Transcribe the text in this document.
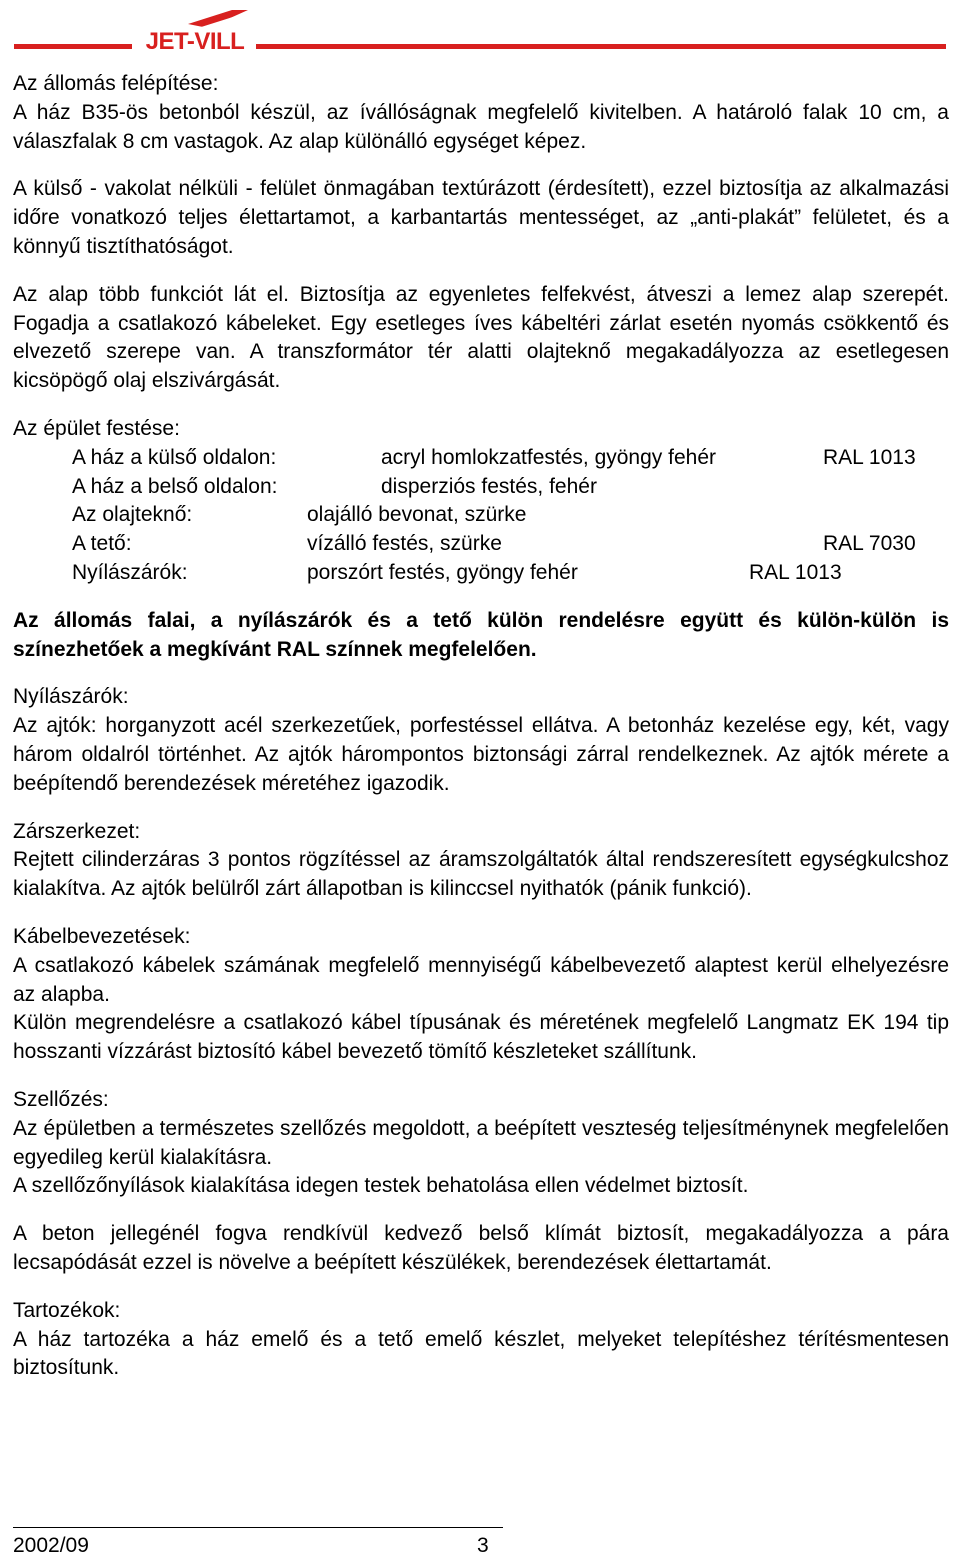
JET-VILL

Az állomás felépítése:

A ház B35-ös betonból készül, az ívállóságnak megfelelő kivitelben. A határoló falak 10 cm, a válaszfalak 8 cm vastagok. Az alap különálló egységet képez.

A külső - vakolat nélküli - felület önmagában textúrázott (érdesített), ezzel biztosítja az alkalmazási időre vonatkozó teljes élettartamot, a karbantartás mentességet, az „anti-plakát” felületet, és a könnyű tisztíthatóságot.

Az alap több funkciót lát el. Biztosítja az egyenletes felfekvést, átveszi a lemez alap szerepét. Fogadja a csatlakozó kábeleket. Egy esetleges íves kábeltéri zárlat esetén nyomás csökkentő és elvezető szerepe van. A transzformátor tér alatti olajteknő megakadályozza az esetlegesen kicsöpögő olaj elszivárgását.

Az épület festése:

A ház a külső oldalon:	acryl homlokzatfestés, gyöngy fehér	RAL 1013
A ház a belső oldalon:	disperziós festés, fehér
Az olajteknő:	olajálló bevonat, szürke
A tető:	vízálló festés, szürke	RAL 7030
Nyílászárók:	porszórt festés, gyöngy fehér	RAL 1013

Az állomás falai, a nyílászárók és a tető külön rendelésre együtt és külön-külön is színezhetőek a megkívánt RAL színnek megfelelően.

Nyílászárók:

Az ajtók: horganyzott acél szerkezetűek, porfestéssel ellátva. A betonház kezelése egy, két, vagy három oldalról történhet. Az ajtók hárompontos biztonsági zárral rendelkeznek. Az ajtók mérete a beépítendő berendezések méretéhez igazodik.

Zárszerkezet:

Rejtett cilinderzáras 3 pontos rögzítéssel az áramszolgáltatók által rendszeresített egységkulcshoz kialakítva. Az ajtók belülről zárt állapotban is kilinccsel nyithatók (pánik funkció).

Kábelbevezetések:

A csatlakozó kábelek számának megfelelő mennyiségű kábelbevezető alaptest kerül elhelyezésre az alapba.

Külön megrendelésre a csatlakozó kábel típusának és méretének megfelelő Langmatz EK 194 tip hosszanti vízzárást biztosító kábel bevezető tömítő készleteket szállítunk.

Szellőzés:

Az épületben a természetes szellőzés megoldott, a beépített veszteség teljesítménynek megfelelően egyedileg kerül kialakításra.

A szellőzőnyílások kialakítása idegen testek behatolása ellen védelmet biztosít.

A beton jellegénél fogva rendkívül kedvező belső klímát biztosít, megakadályozza a pára lecsapódását ezzel is növelve a beépített készülékek, berendezések élettartamát.

Tartozékok:

A ház tartozéka a ház emelő és a tető emelő készlet, melyeket telepítéshez térítésmentesen biztosítunk.

2002/09	3
